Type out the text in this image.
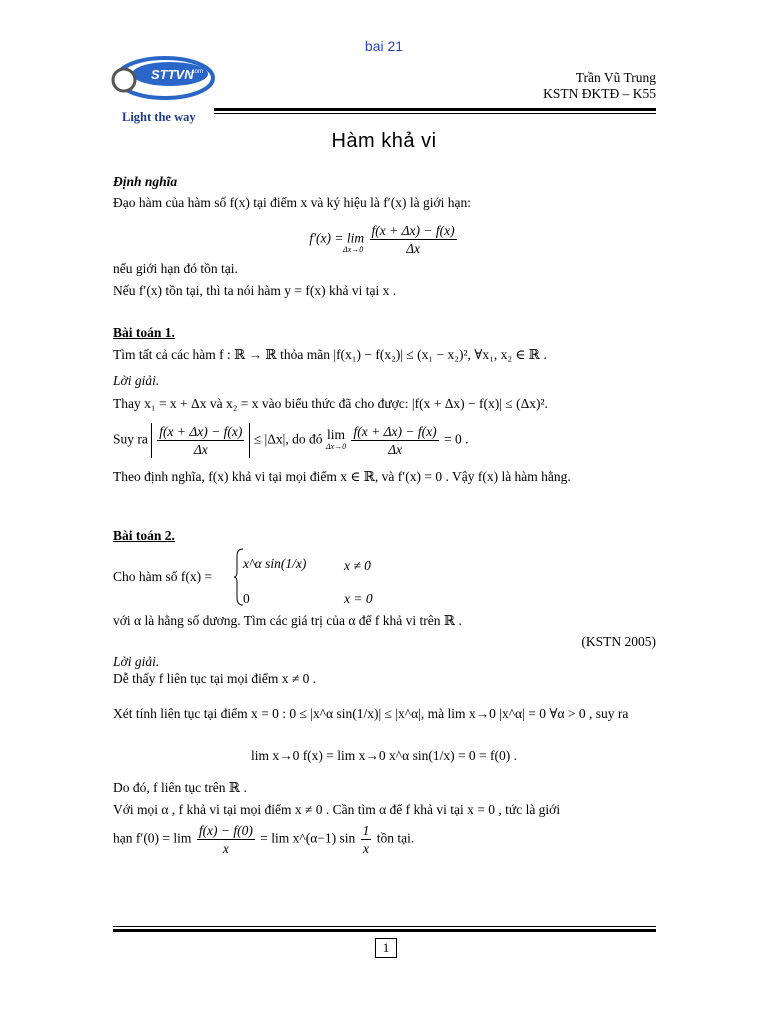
bai 21
STTVN
.com
Light the way
Trần Vũ Trung
KSTN ĐKTĐ – K55
Hàm khả vi
Định nghĩa
Đạo hàm của hàm số f(x) tại điểm x và ký hiệu là f′(x) là giới hạn:
$f'(x) = \lim \frac{f(x + \Delta x) - f(x)}{\Delta x}$
Δx→0
nếu giới hạn đó tồn tại.
Nếu f′(x) tồn tại, thì ta nói hàm y = f(x) khả vi tại x .
Bài toán 1.
Tìm tất cả các hàm f : ℝ → ℝ thỏa mãn |f(x₁) − f(x₂)| ≤ (x₁ − x₂)², ∀x₁, x₂ ∈ ℝ .
Lời giải.
Thay x₁ = x + Δx và x₂ = x vào biểu thức đã cho được: |f(x + Δx) − f(x)| ≤ (Δx)².
Suy ra $\frac{f(x + \Delta x) - f(x)}{\Delta x} \le |\Delta x|$, do đó lim
Δx→0
$\frac{f(x + \Delta x) - f(x)}{\Delta x} = 0$ .
Theo định nghĩa, f(x) khả vi tại mọi điểm x ∈ ℝ, và f′(x) = 0 . Vậy f(x) là hàm hằng.
Bài toán 2.
Cho hàm số f(x) =
x^α sin(1/x)	x ≠ 0
0	x = 0
với α là hằng số dương. Tìm các giá trị của α để f khả vi trên ℝ .
(KSTN 2005)
Lời giải.
Dễ thấy f liên tục tại mọi điểm x ≠ 0 .
Xét tính liên tục tại điểm x = 0 : 0 ≤ |x^α sin(1/x)| ≤ |x^α|, mà lim x→0 |x^α| = 0 ∀α > 0 , suy ra
lim x→0 f(x) = lim x→0 x^α sin(1/x) = 0 = f(0) .
Do đó, f liên tục trên ℝ .
Với mọi α , f khả vi tại mọi điểm x ≠ 0 . Cần tìm α để f khả vi tại x = 0 , tức là giới
hạn $f'(0) = \lim \frac{f(x) - f(0)}{x} = \lim$ x^(α−1) $\sin \frac{1}{x}$ tồn tại.
1
